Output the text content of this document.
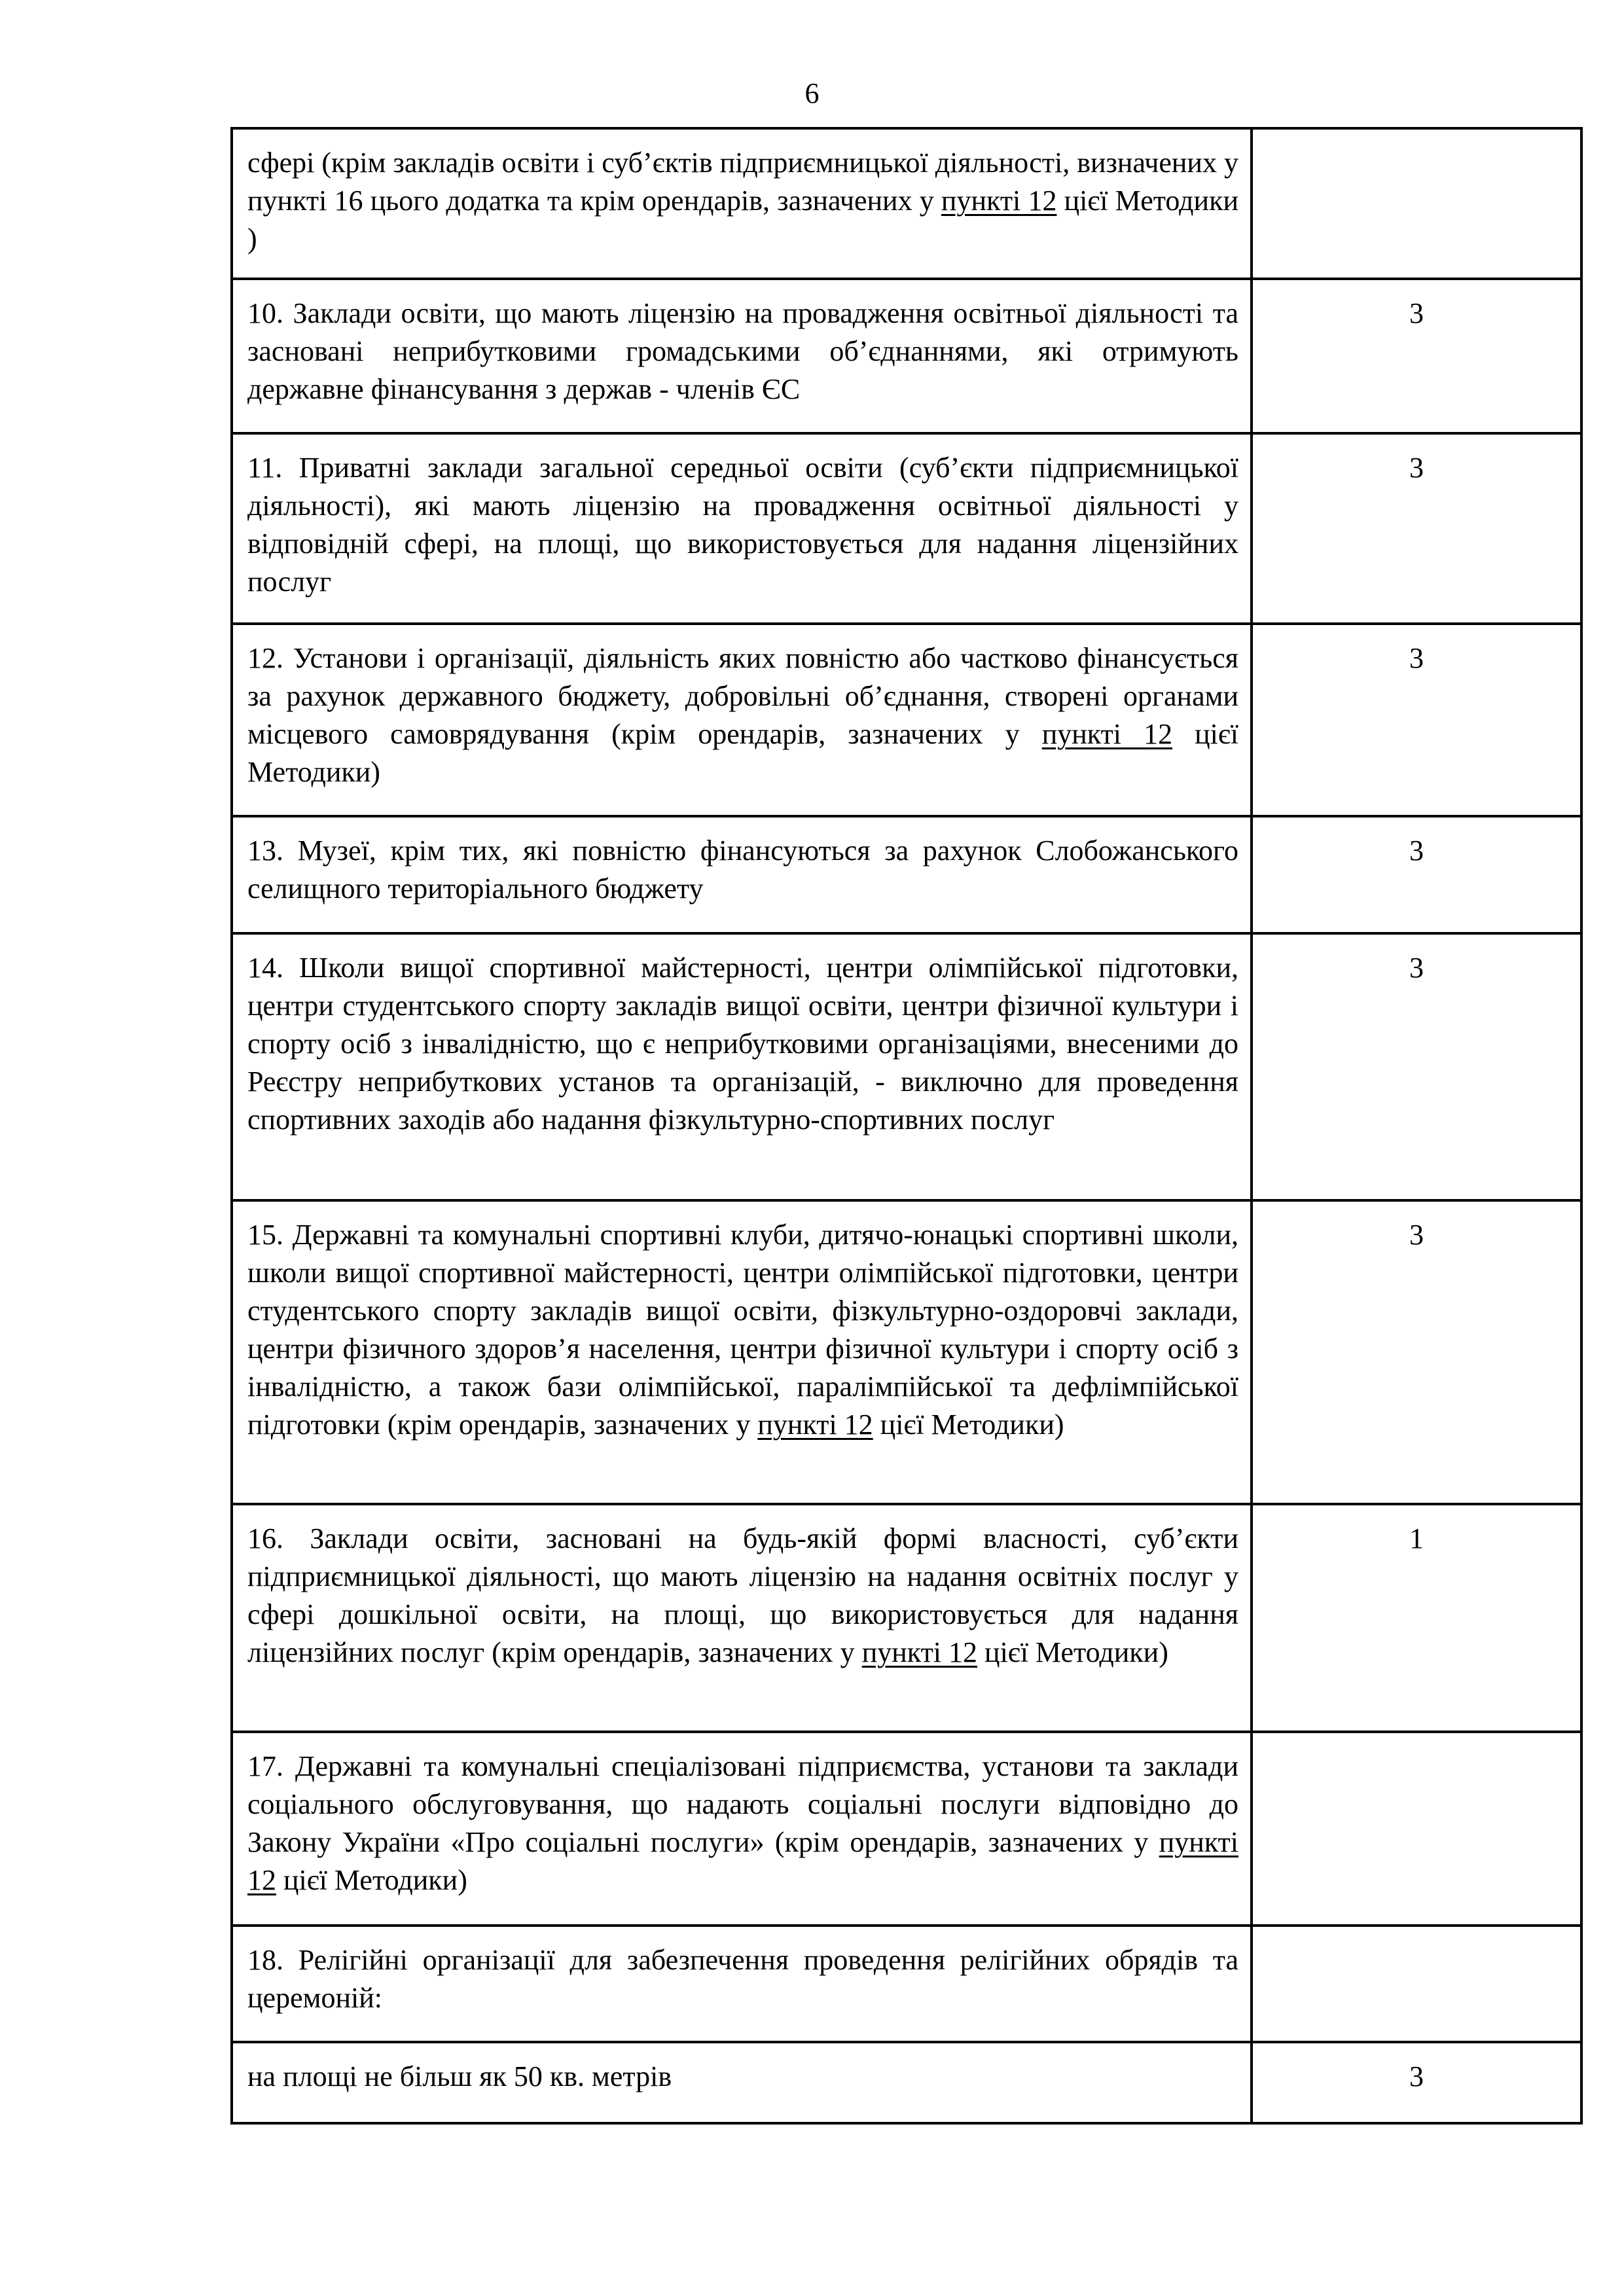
6
сфері (крім закладів освіти і суб’єктів підприємницької діяльності, визначених у пункті 16 цього додатка та крім орендарів, зазначених у пункті 12 цієї Методики )	

10. Заклади освіти, що мають ліцензію на провадження освітньої діяльності та засновані неприбутковими громадськими об’єднаннями, які отримують державне фінансування з держав - членів ЄС	3

11. Приватні заклади загальної середньої освіти (суб’єкти підприємницької діяльності), які мають ліцензію на провадження освітньої діяльності у відповідній сфері, на площі, що використовується для надання ліцензійних послуг	3

12. Установи і організації, діяльність яких повністю або частково фінансується за рахунок державного бюджету, добровільні об’єднання, створені органами місцевого самоврядування (крім орендарів, зазначених у пункті 12 цієї Методики)	3

13. Музеї, крім тих, які повністю фінансуються за рахунок Слобожанського селищного територіального бюджету	3

14. Школи вищої спортивної майстерності, центри олімпійської підготовки, центри студентського спорту закладів вищої освіти, центри фізичної культури і спорту осіб з інвалідністю, що є неприбутковими організаціями, внесеними до Реєстру неприбуткових установ та організацій, - виключно для проведення спортивних заходів або надання фізкультурно-спортивних послуг	3

15. Державні та комунальні спортивні клуби, дитячо-юнацькі спортивні школи, школи вищої спортивної майстерності, центри олімпійської підготовки, центри студентського спорту закладів вищої освіти, фізкультурно-оздоровчі заклади, центри фізичного здоров’я населення, центри фізичної культури і спорту осіб з інвалідністю, а також бази олімпійської, паралімпійської та дефлімпійської підготовки (крім орендарів, зазначених у пункті 12 цієї Методики)	3

16. Заклади освіти, засновані на будь-якій формі власності, суб’єкти підприємницької діяльності, що мають ліцензію на надання освітніх послуг у сфері дошкільної освіти, на площі, що використовується для надання ліцензійних послуг (крім орендарів, зазначених у пункті 12 цієї Методики)	1

17. Державні та комунальні спеціалізовані підприємства, установи та заклади соціального обслуговування, що надають соціальні послуги відповідно до Закону України «Про соціальні послуги» (крім орендарів, зазначених у пункті 12 цієї Методики)	

18. Релігійні організації для забезпечення проведення релігійних обрядів та церемоній:	

на площі не більш як 50 кв. метрів	3
